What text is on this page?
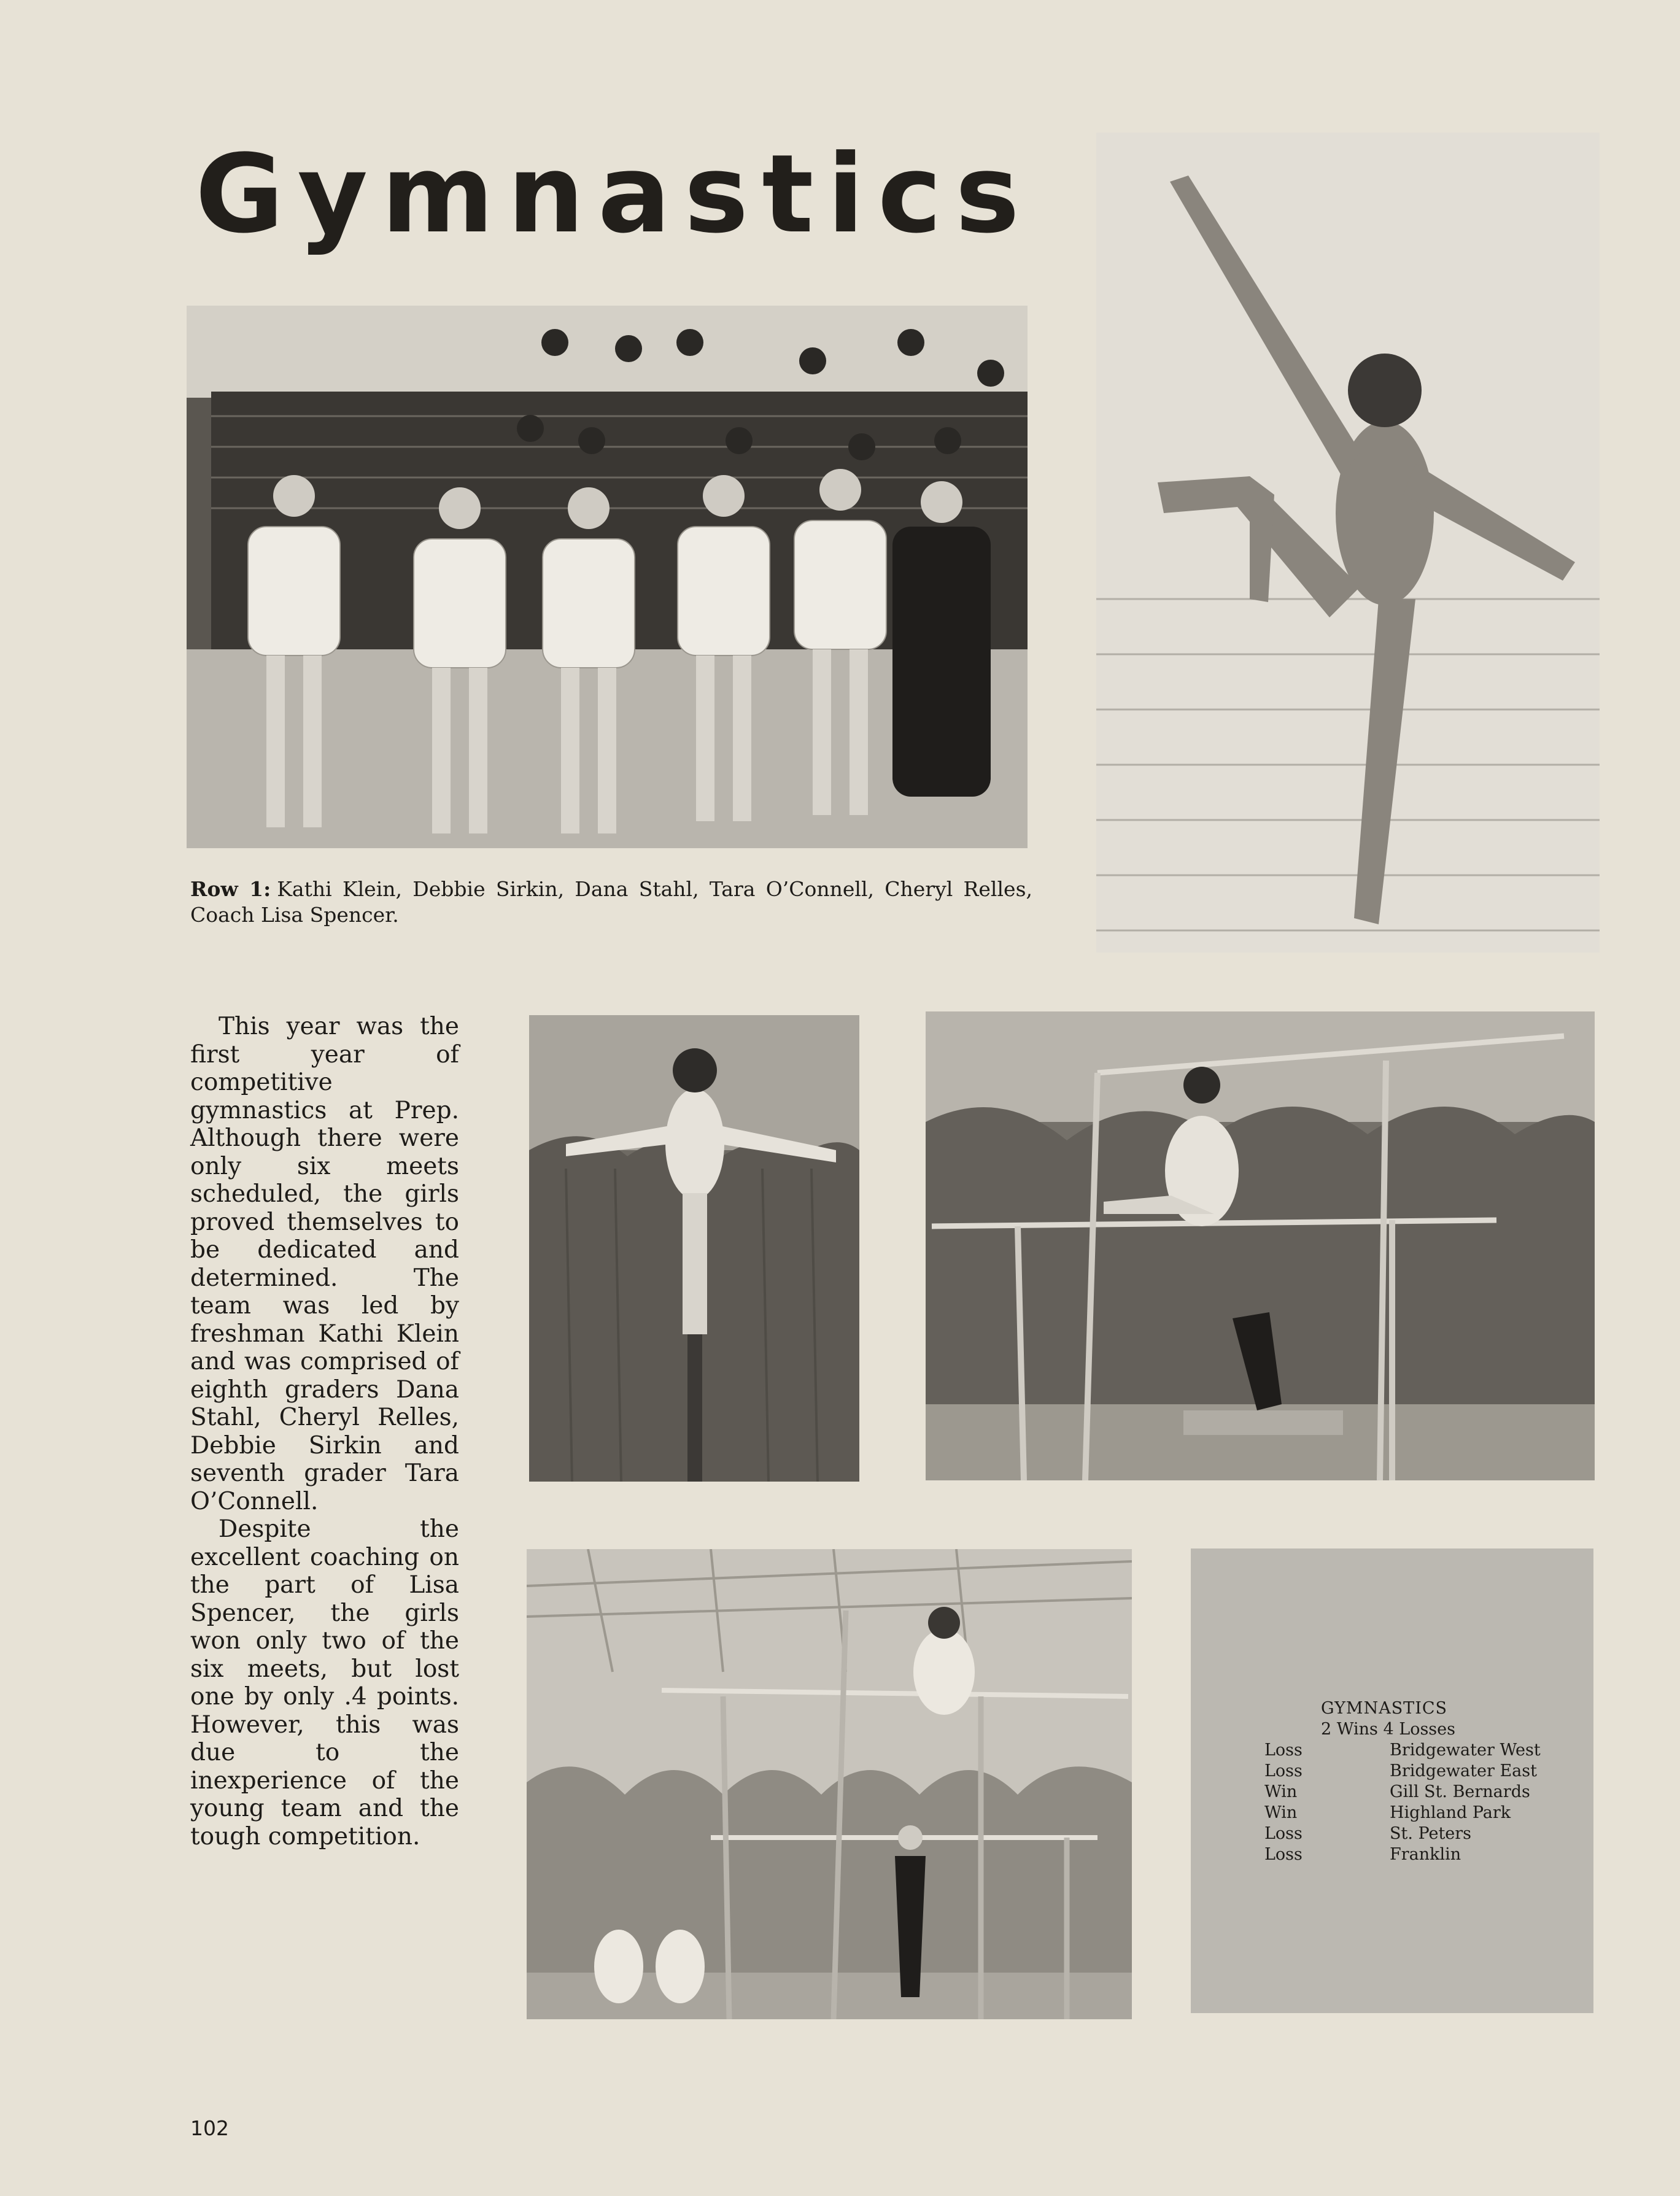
Gymnastics

Row 1: Kathi Klein, Debbie Sirkin, Dana Stahl, Tara O’Connell, Cheryl Relles, Coach Lisa Spencer.

This year was the first year of competitive gymnastics at Prep. Although there were only six meets scheduled, the girls proved themselves to be dedicated and determined. The team was led by freshman Kathi Klein and was comprised of eighth graders Dana Stahl, Cheryl Relles, Debbie Sirkin and seventh grader Tara O’Connell.

Despite the excellent coaching on the part of Lisa Spencer, the girls won only two of the six meets, but lost one by only .4 points. However, this was due to the inexperience of the young team and the tough competition.

GYMNASTICS
2 Wins 4 Losses
Loss	Bridgewater West
Loss	Bridgewater East
Win	Gill St. Bernards
Win	Highland Park
Loss	St. Peters
Loss	Franklin
102
